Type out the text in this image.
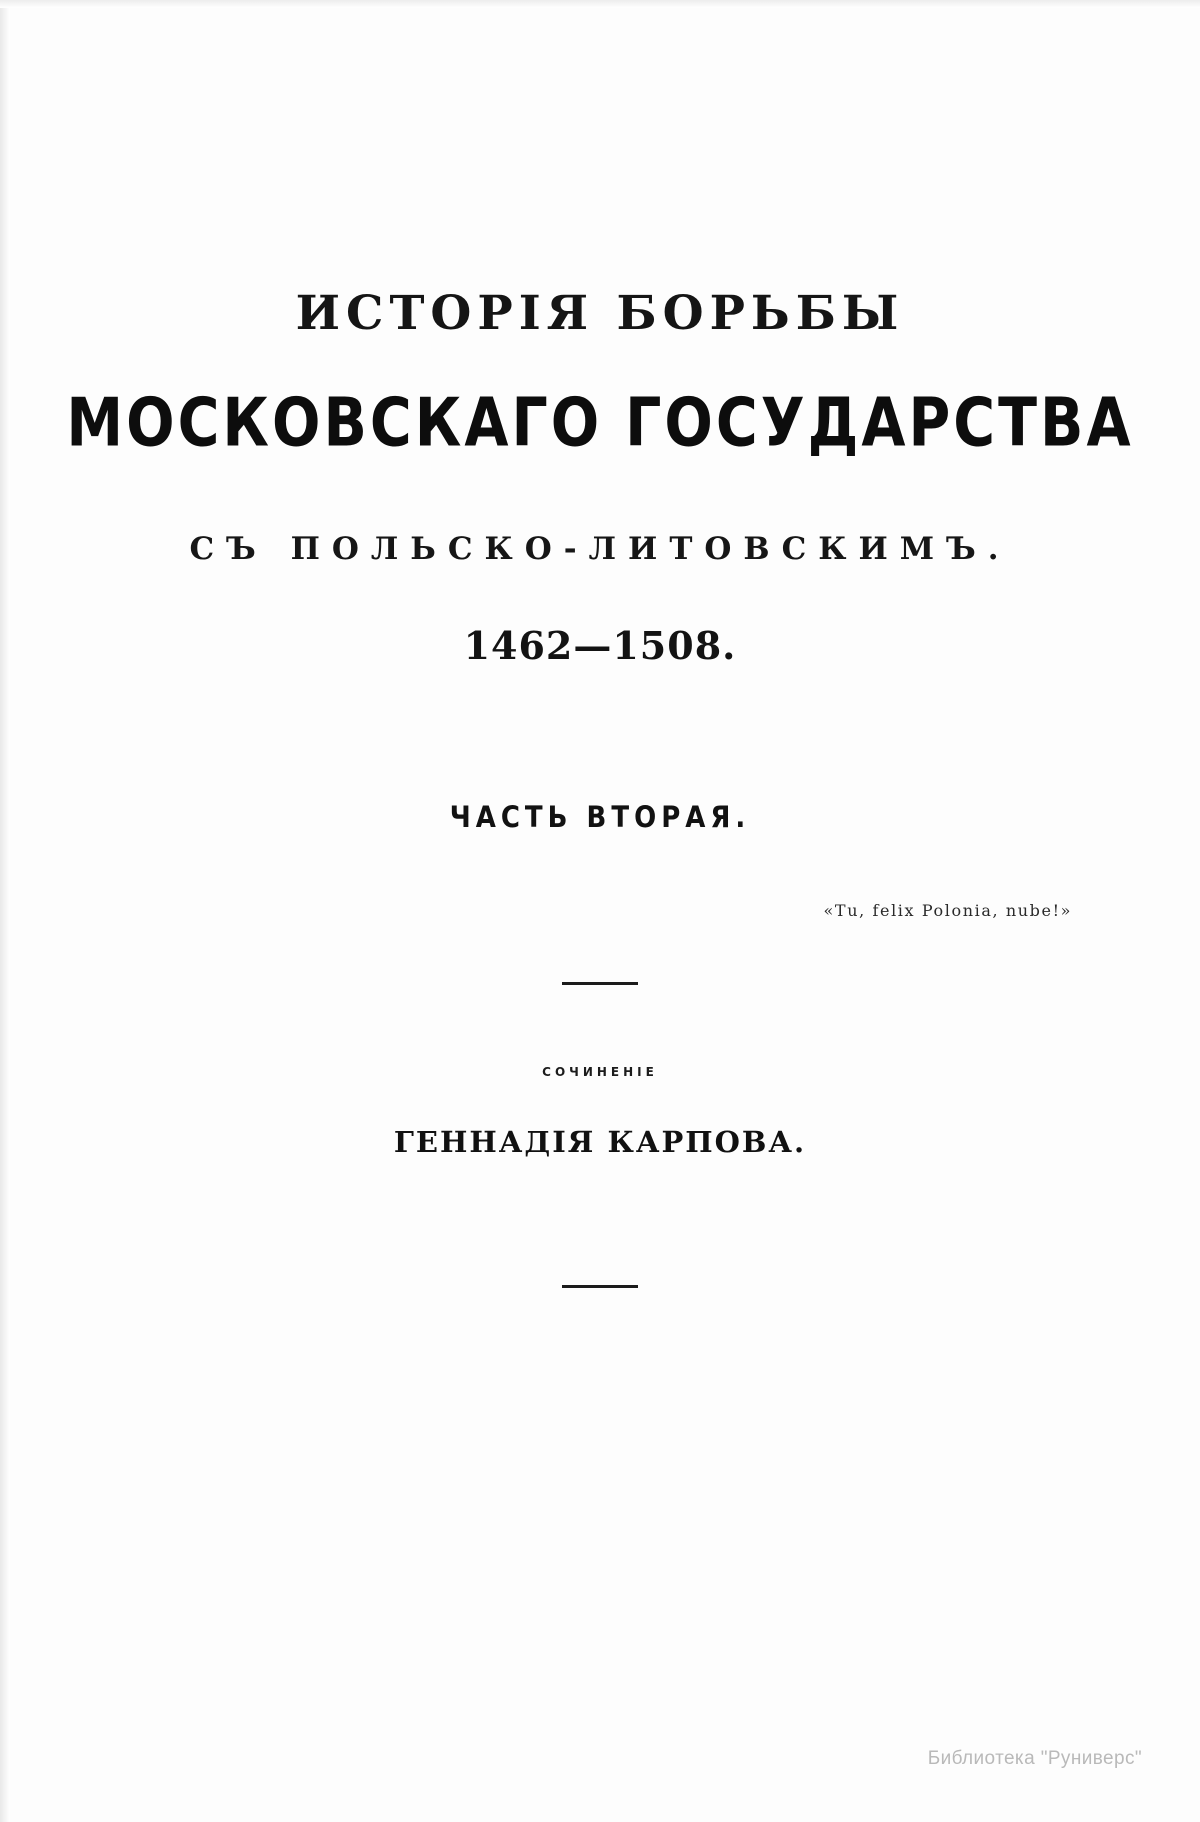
ИСТОРІЯ БОРЬБЫ
МОСКОВСКАГО ГОСУДАРСТВА
СЪ ПОЛЬСКО-ЛИТОВСКИМЪ.
1462—1508.
ЧАСТЬ ВТОРАЯ.
«Tu, felix Polonia, nube!»
СОЧИНЕНІЕ
ГЕННАДІЯ КАРПОВА.
Библиотека "Руниверс"
